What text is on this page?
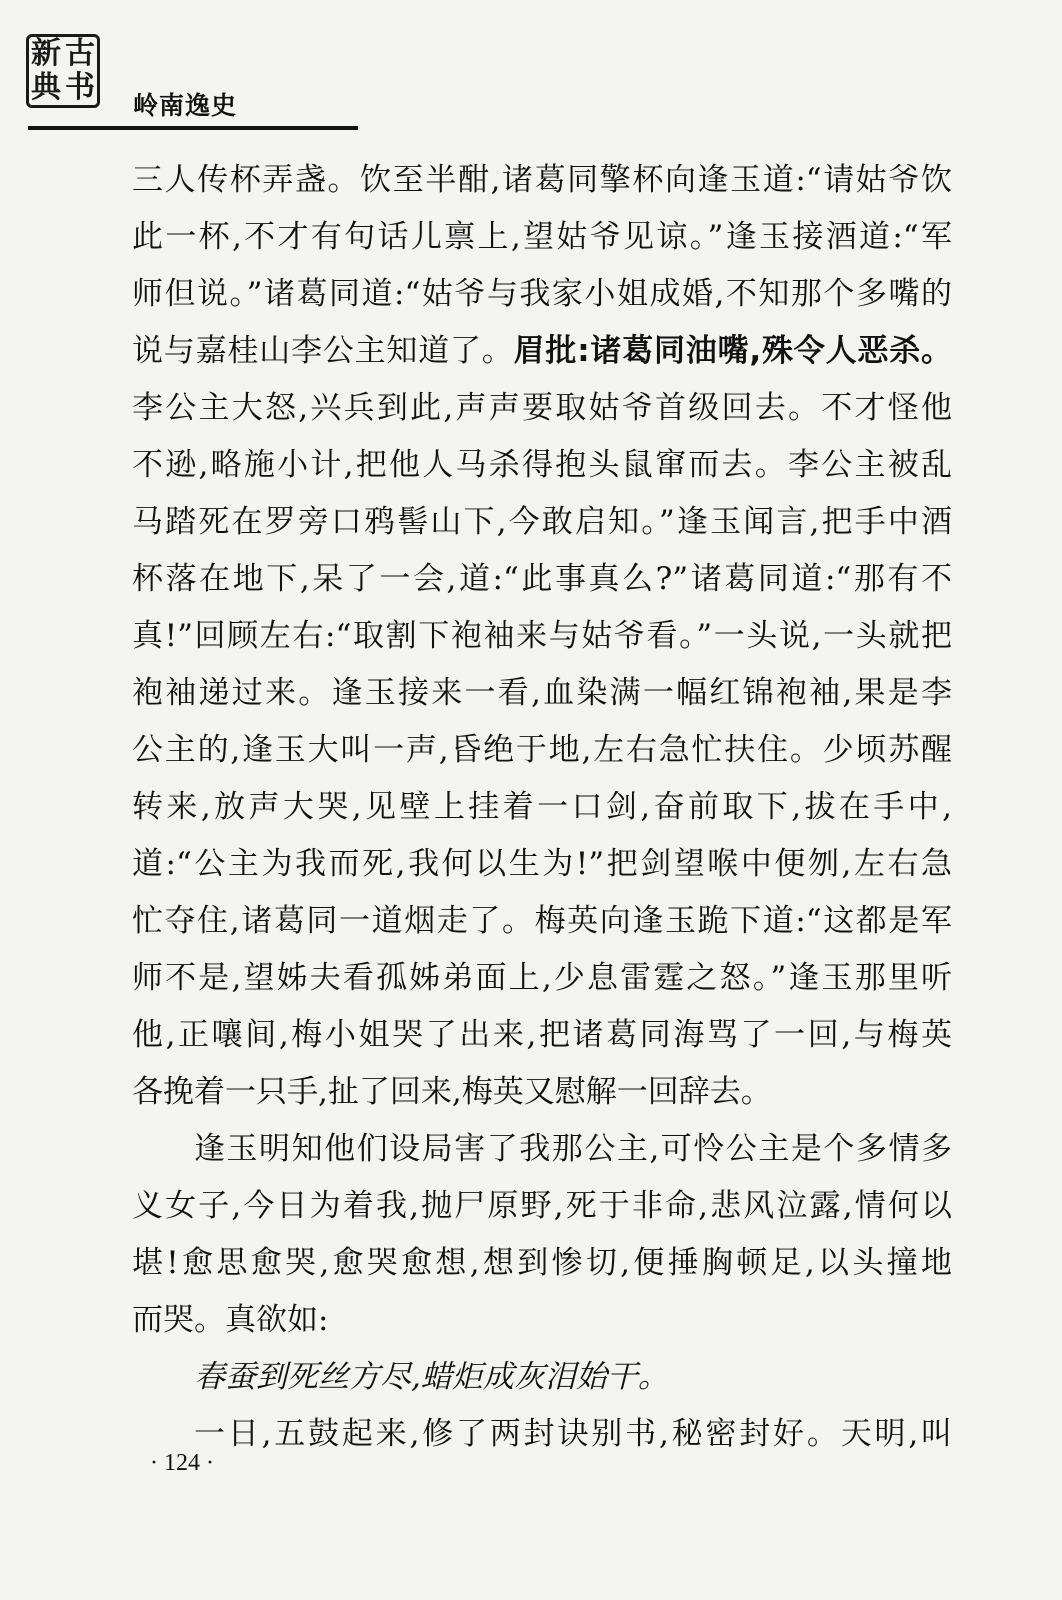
新 古
典 书
岭南逸史
三人传杯弄盏。饮至半酣,诸葛同擎杯向逢玉道:“请姑爷饮
此一杯,不才有句话儿禀上,望姑爷见谅。”逢玉接酒道:“军
师但说。”诸葛同道:“姑爷与我家小姐成婚,不知那个多嘴的
说与嘉桂山李公主知道了。眉批:诸葛同油嘴,殊令人恶杀。
李公主大怒,兴兵到此,声声要取姑爷首级回去。不才怪他
不逊,略施小计,把他人马杀得抱头鼠窜而去。李公主被乱
马踏死在罗旁口鸦髻山下,今敢启知。”逢玉闻言,把手中酒
杯落在地下,呆了一会,道:“此事真么?”诸葛同道:“那有不
真!”回顾左右:“取割下袍袖来与姑爷看。”一头说,一头就把
袍袖递过来。逢玉接来一看,血染满一幅红锦袍袖,果是李
公主的,逢玉大叫一声,昏绝于地,左右急忙扶住。少顷苏醒
转来,放声大哭,见壁上挂着一口剑,奋前取下,拔在手中,
道:“公主为我而死,我何以生为!”把剑望喉中便刎,左右急
忙夺住,诸葛同一道烟走了。梅英向逢玉跪下道:“这都是军
师不是,望姊夫看孤姊弟面上,少息雷霆之怒。”逢玉那里听
他,正嚷间,梅小姐哭了出来,把诸葛同海骂了一回,与梅英
各挽着一只手,扯了回来,梅英又慰解一回辞去。
逢玉明知他们设局害了我那公主,可怜公主是个多情多
义女子,今日为着我,抛尸原野,死于非命,悲风泣露,情何以
堪!愈思愈哭,愈哭愈想,想到惨切,便捶胸顿足,以头撞地
而哭。真欲如:
春蚕到死丝方尽,蜡炬成灰泪始干。
一日,五鼓起来,修了两封诀别书,秘密封好。天明,叫
· 124 ·
